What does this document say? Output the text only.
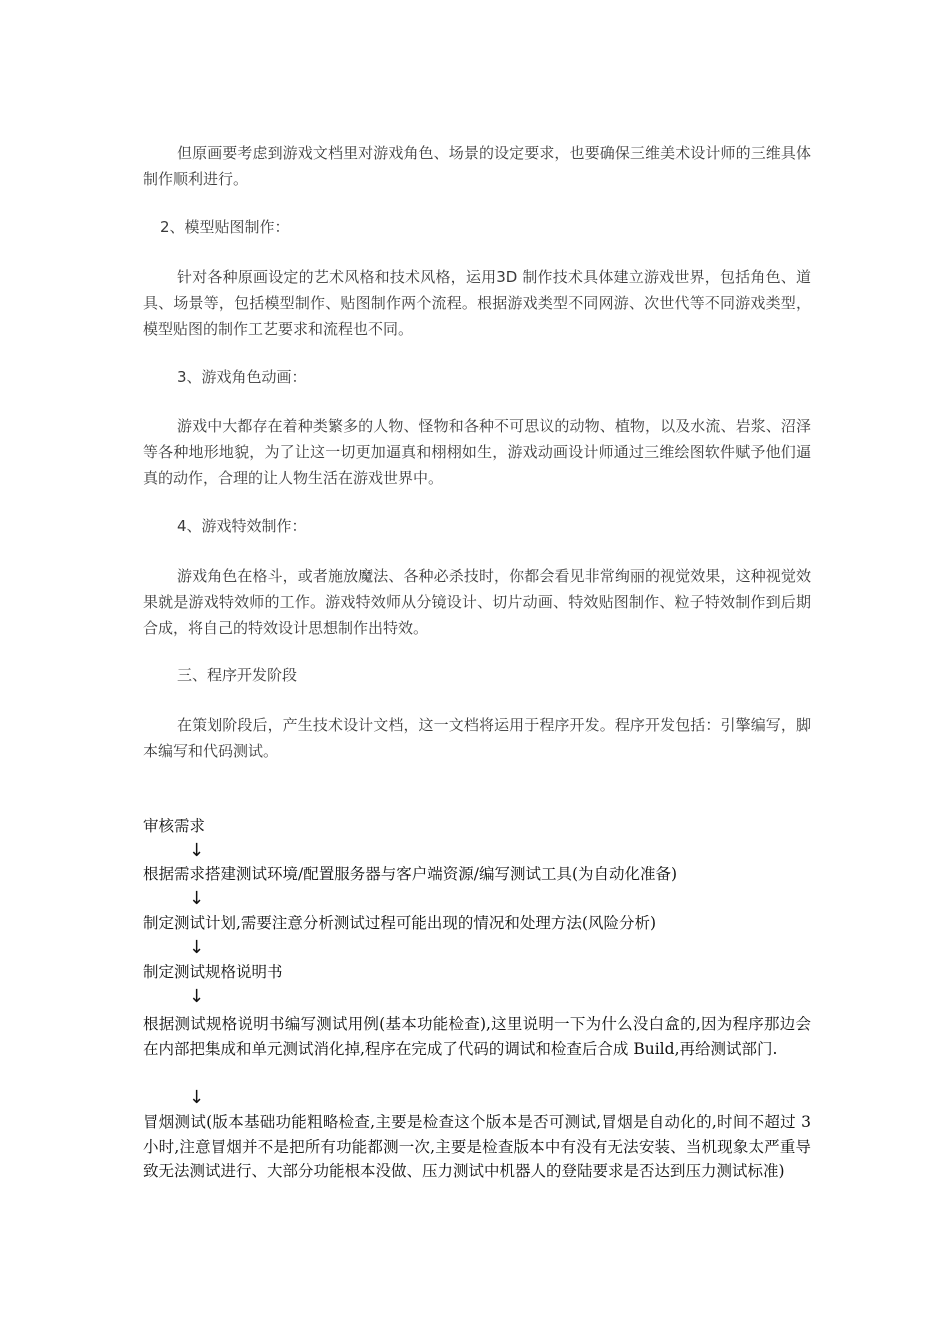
但原画要考虑到游戏文档里对游戏角色、场景的设定要求，也要确保三维美术设计师的三维具体制作顺利进行。

2、模型贴图制作：

针对各种原画设定的艺术风格和技术风格，运用3D 制作技术具体建立游戏世界，包括角色、道具、场景等，包括模型制作、贴图制作两个流程。根据游戏类型不同网游、次世代等不同游戏类型，模型贴图的制作工艺要求和流程也不同。

3、游戏角色动画：

游戏中大都存在着种类繁多的人物、怪物和各种不可思议的动物、植物，以及水流、岩浆、沼泽等各种地形地貌，为了让这一切更加逼真和栩栩如生，游戏动画设计师通过三维绘图软件赋予他们逼真的动作，合理的让人物生活在游戏世界中。

4、游戏特效制作：

游戏角色在格斗，或者施放魔法、各种必杀技时，你都会看见非常绚丽的视觉效果，这种视觉效果就是游戏特效师的工作。游戏特效师从分镜设计、切片动画、特效贴图制作、粒子特效制作到后期合成，将自己的特效设计思想制作出特效。

三、程序开发阶段

在策划阶段后，产生技术设计文档，这一文档将运用于程序开发。程序开发包括：引擎编写，脚本编写和代码测试。

审核需求

↓

根据需求搭建测试环境/配置服务器与客户端资源/编写测试工具(为自动化准备)

↓

制定测试计划,需要注意分析测试过程可能出现的情况和处理方法(风险分析)

↓

制定测试规格说明书

↓

根据测试规格说明书编写测试用例(基本功能检查),这里说明一下为什么没白盒的,因为程序那边会在内部把集成和单元测试消化掉,程序在完成了代码的调试和检查后合成 Build,再给测试部门.

↓

冒烟测试(版本基础功能粗略检查,主要是检查这个版本是否可测试,冒烟是自动化的,时间不超过 3 小时,注意冒烟并不是把所有功能都测一次,主要是检查版本中有没有无法安装、当机现象太严重导致无法测试进行、大部分功能根本没做、压力测试中机器人的登陆要求是否达到压力测试标准)
